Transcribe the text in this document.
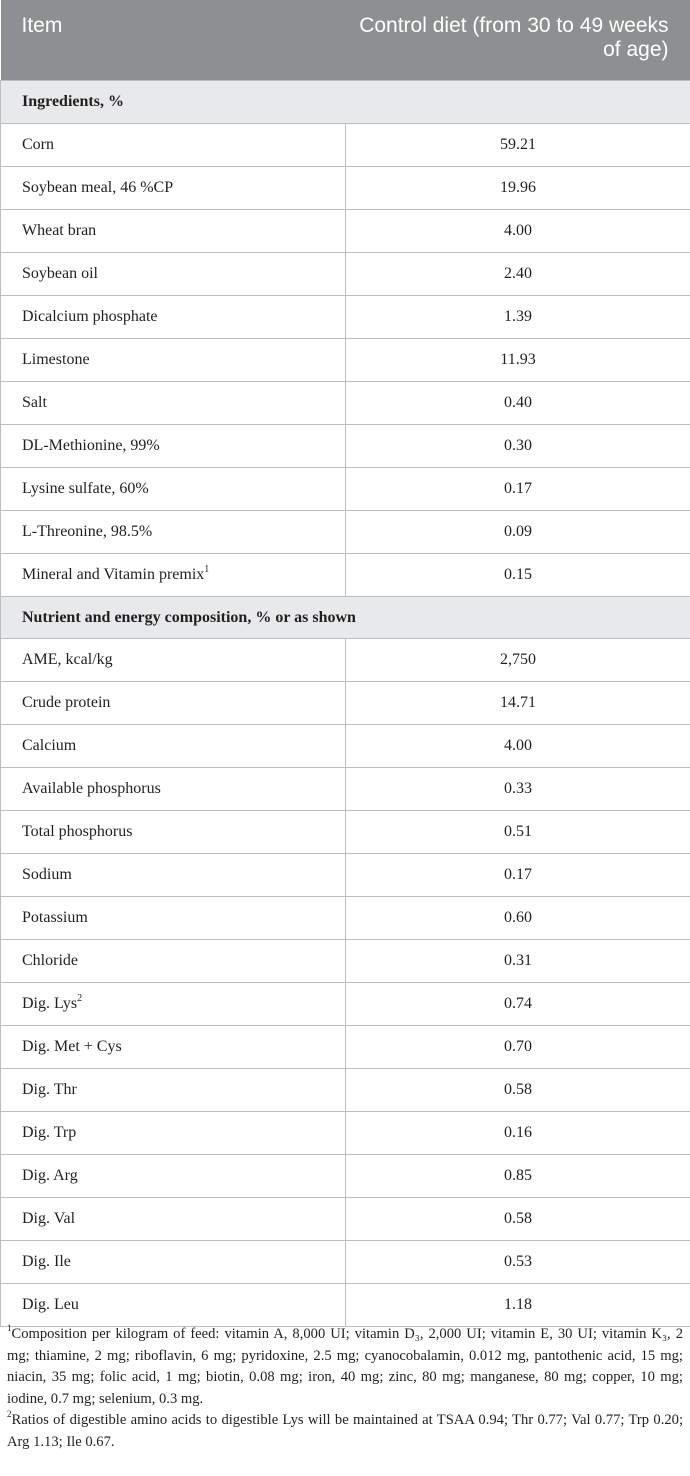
Item	Control diet (from 30 to 49 weeks of age)
Ingredients, %	
Corn	59.21
Soybean meal, 46 %CP	19.96
Wheat bran	4.00
Soybean oil	2.40
Dicalcium phosphate	1.39
Limestone	11.93
Salt	0.40
DL-Methionine, 99%	0.30
Lysine sulfate, 60%	0.17
L-Threonine, 98.5%	0.09
Mineral and Vitamin premix$^1$	0.15
Nutrient and energy composition, % or as shown	
AME, kcal/kg	2,750
Crude protein	14.71
Calcium	4.00
Available phosphorus	0.33
Total phosphorus	0.51
Sodium	0.17
Potassium	0.60
Chloride	0.31
Dig. Lys$^2$	0.74
Dig. Met + Cys	0.70
Dig. Thr	0.58
Dig. Trp	0.16
Dig. Arg	0.85
Dig. Val	0.58
Dig. Ile	0.53
Dig. Leu	1.18

$^1$Composition per kilogram of feed: vitamin A, 8,000 UI; vitamin D₃, 2,000 UI; vitamin E, 30 UI; vitamin K₃, 2 mg; thiamine, 2 mg; riboflavin, 6 mg; pyridoxine, 2.5 mg; cyanocobalamin, 0.012 mg, pantothenic acid, 15 mg; niacin, 35 mg; folic acid, 1 mg; biotin, 0.08 mg; iron, 40 mg; zinc, 80 mg; manganese, 80 mg; copper, 10 mg; iodine, 0.7 mg; selenium, 0.3 mg.

$^2$Ratios of digestible amino acids to digestible Lys will be maintained at TSAA 0.94; Thr 0.77; Val 0.77; Trp 0.20; Arg 1.13; Ile 0.67.
